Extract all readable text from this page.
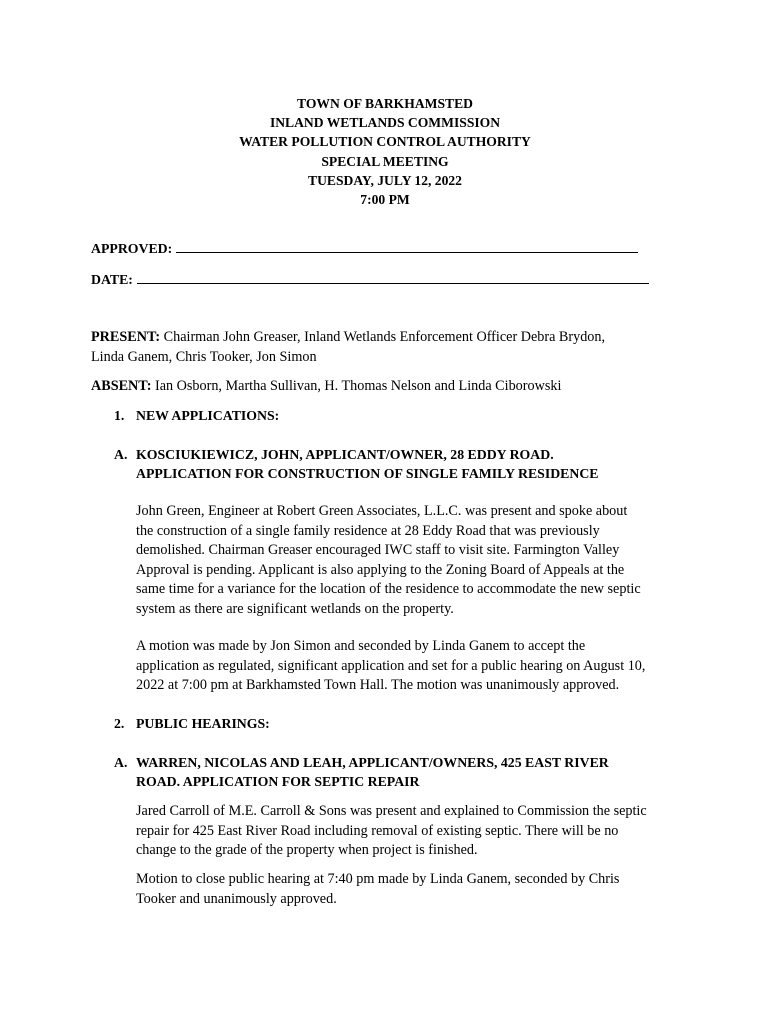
TOWN OF BARKHAMSTED
INLAND WETLANDS COMMISSION
WATER POLLUTION CONTROL AUTHORITY
SPECIAL MEETING
TUESDAY, JULY 12, 2022
7:00 PM
APPROVED:
DATE:
PRESENT: Chairman John Greaser, Inland Wetlands Enforcement Officer Debra Brydon,
Linda Ganem, Chris Tooker, Jon Simon
ABSENT: Ian Osborn, Martha Sullivan, H. Thomas Nelson and Linda Ciborowski
1. NEW APPLICATIONS:
A. KOSCIUKIEWICZ, JOHN, APPLICANT/OWNER, 28 EDDY ROAD.
APPLICATION FOR CONSTRUCTION OF SINGLE FAMILY RESIDENCE
John Green, Engineer at Robert Green Associates, L.L.C. was present and spoke about
the construction of a single family residence at 28 Eddy Road that was previously
demolished. Chairman Greaser encouraged IWC staff to visit site. Farmington Valley
Approval is pending. Applicant is also applying to the Zoning Board of Appeals at the
same time for a variance for the location of the residence to accommodate the new septic
system as there are significant wetlands on the property.
A motion was made by Jon Simon and seconded by Linda Ganem to accept the
application as regulated, significant application and set for a public hearing on August 10,
2022 at 7:00 pm at Barkhamsted Town Hall. The motion was unanimously approved.
2. PUBLIC HEARINGS:
A. WARREN, NICOLAS AND LEAH, APPLICANT/OWNERS, 425 EAST RIVER
ROAD. APPLICATION FOR SEPTIC REPAIR
Jared Carroll of M.E. Carroll & Sons was present and explained to Commission the septic
repair for 425 East River Road including removal of existing septic. There will be no
change to the grade of the property when project is finished.
Motion to close public hearing at 7:40 pm made by Linda Ganem, seconded by Chris
Tooker and unanimously approved.
